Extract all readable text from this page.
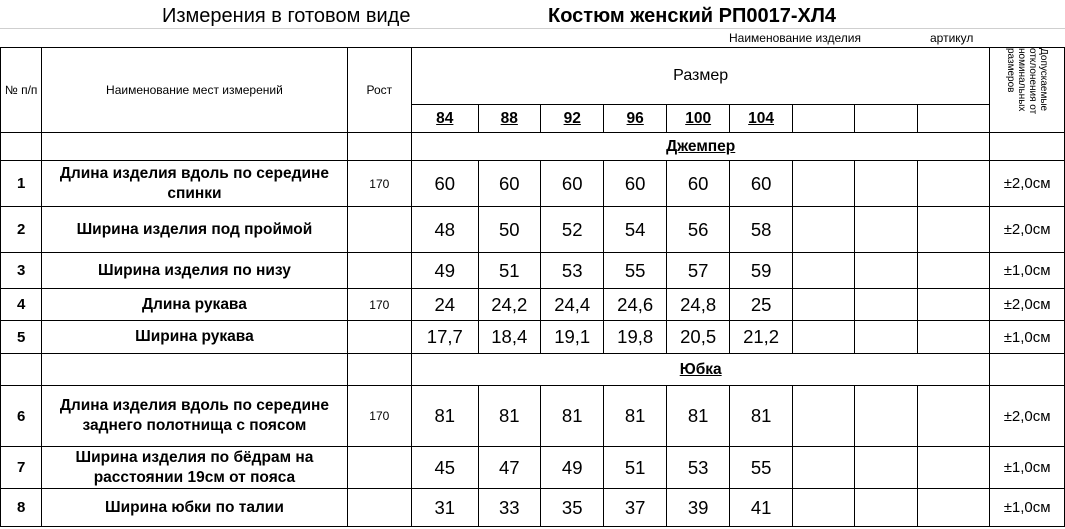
Измерения в готовом виде	Костюм женский РП0017-ХЛ4
Наименование изделия	артикул
№ п/п	Наименование мест измерений	Рост	Размер									Допускаемые отклонения от номинальных размеров
			84	88	92	96	100	104				
			Джемпер									
1	Длина изделия вдоль по середине спинки	170	60	60	60	60	60	60				±2,0см
2	Ширина изделия под проймой		48	50	52	54	56	58				±2,0см
3	Ширина изделия по низу		49	51	53	55	57	59				±1,0см
4	Длина рукава	170	24	24,2	24,4	24,6	24,8	25				±2,0см
5	Ширина рукава		17,7	18,4	19,1	19,8	20,5	21,2				±1,0см
			Юбка									
6	Длина изделия вдоль по середине заднего полотнища с поясом	170	81	81	81	81	81	81				±2,0см
7	Ширина изделия по бёдрам на расстоянии 19см от пояса		45	47	49	51	53	55				±1,0см
8	Ширина юбки по талии		31	33	35	37	39	41				±1,0см
